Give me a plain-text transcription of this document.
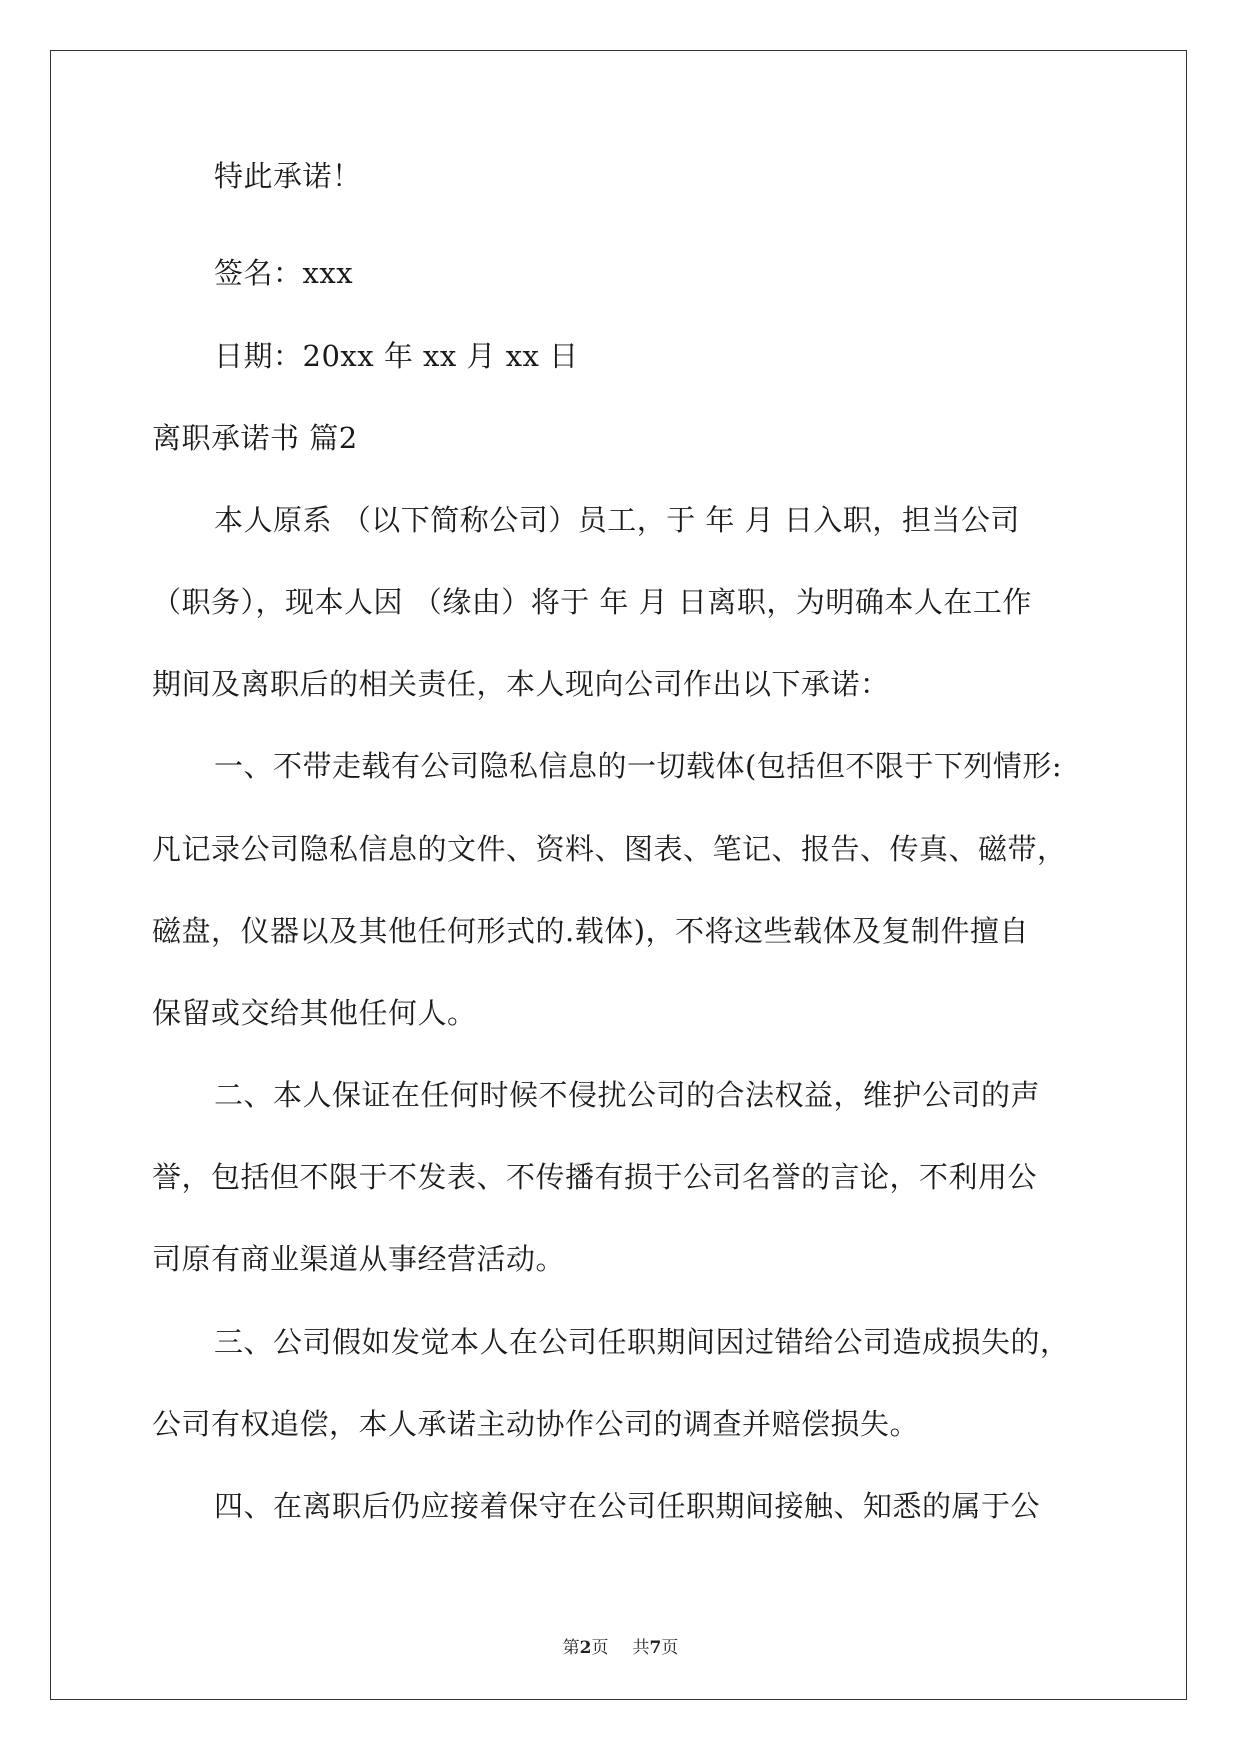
特此承诺！
签名：xxx
日期：20xx 年 xx 月 xx 日
离职承诺书 篇2
本人原系 （以下简称公司）员工，于 年 月 日入职，担当公司
（职务），现本人因 （缘由）将于 年 月 日离职，为明确本人在工作
期间及离职后的相关责任，本人现向公司作出以下承诺：
一、不带走载有公司隐私信息的一切载体(包括但不限于下列情形:
凡记录公司隐私信息的文件、资料、图表、笔记、报告、传真、磁带，
磁盘，仪器以及其他任何形式的.载体)，不将这些载体及复制件擅自
保留或交给其他任何人。
二、本人保证在任何时候不侵扰公司的合法权益，维护公司的声
誉，包括但不限于不发表、不传播有损于公司名誉的言论，不利用公
司原有商业渠道从事经营活动。
三、公司假如发觉本人在公司任职期间因过错给公司造成损失的，
公司有权追偿，本人承诺主动协作公司的调查并赔偿损失。
四、在离职后仍应接着保守在公司任职期间接触、知悉的属于公
第2页 共7页
